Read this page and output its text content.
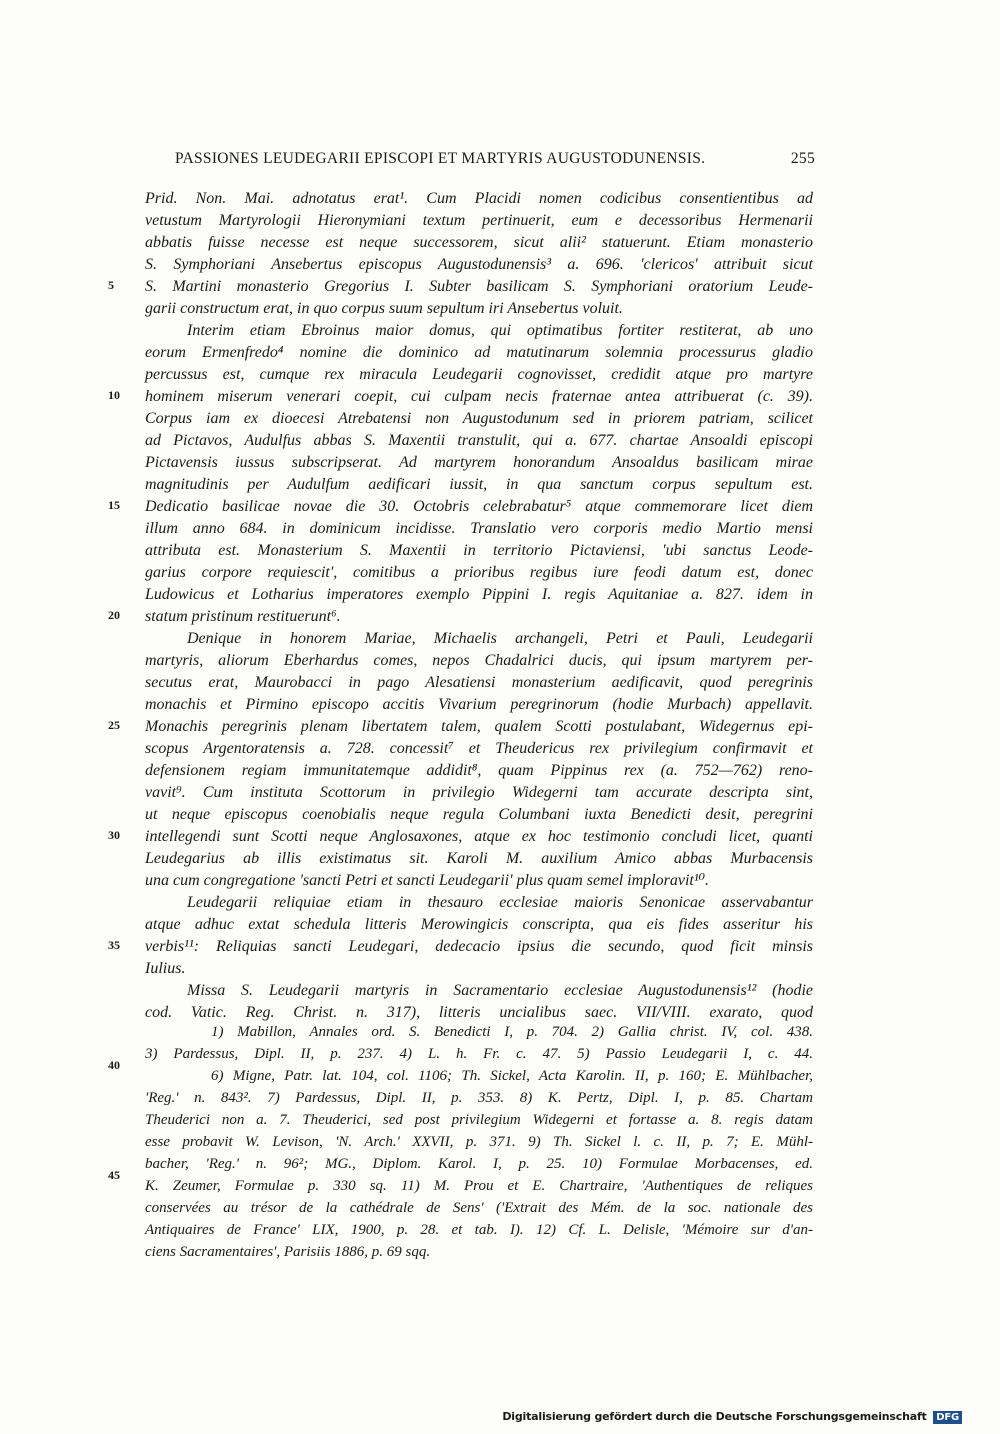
PASSIONES LEUDEGARII EPISCOPI ET MARTYRIS AUGUSTODUNENSIS.	255
Prid. Non. Mai. adnotatus erat¹. Cum Placidi nomen codicibus consentientibus ad
vetustum Martyrologii Hieronymiani textum pertinuerit, eum e decessoribus Hermenarii
abbatis fuisse necesse est neque successorem, sicut alii² statuerunt. Etiam monasterio
S. Symphoriani Ansebertus episcopus Augustodunensis³ a. 696. 'clericos' attribuit sicut
S. Martini monasterio Gregorius I. Subter basilicam S. Symphoriani oratorium Leude-
garii constructum erat, in quo corpus suum sepultum iri Ansebertus voluit.
Interim etiam Ebroinus maior domus, qui optimatibus fortiter restiterat, ab uno
eorum Ermenfredo⁴ nomine die dominico ad matutinarum solemnia processurus gladio
percussus est, cumque rex miracula Leudegarii cognovisset, credidit atque pro martyre
hominem miserum venerari coepit, cui culpam necis fraternae antea attribuerat (c. 39).
Corpus iam ex dioecesi Atrebatensi non Augustodunum sed in priorem patriam, scilicet
ad Pictavos, Audulfus abbas S. Maxentii transtulit, qui a. 677. chartae Ansoaldi episcopi
Pictavensis iussus subscripserat. Ad martyrem honorandum Ansoaldus basilicam mirae
magnitudinis per Audulfum aedificari iussit, in qua sanctum corpus sepultum est.
Dedicatio basilicae novae die 30. Octobris celebrabatur⁵ atque commemorare licet diem
illum anno 684. in dominicum incidisse. Translatio vero corporis medio Martio mensi
attributa est. Monasterium S. Maxentii in territorio Pictaviensi, 'ubi sanctus Leode-
garius corpore requiescit', comitibus a prioribus regibus iure feodi datum est, donec
Ludowicus et Lotharius imperatores exemplo Pippini I. regis Aquitaniae a. 827. idem in
statum pristinum restituerunt⁶.
Denique in honorem Mariae, Michaelis archangeli, Petri et Pauli, Leudegarii
martyris, aliorum Eberhardus comes, nepos Chadalrici ducis, qui ipsum martyrem per-
secutus erat, Maurobacci in pago Alesatiensi monasterium aedificavit, quod peregrinis
monachis et Pirmino episcopo accitis Vivarium peregrinorum (hodie Murbach) appellavit.
Monachis peregrinis plenam libertatem talem, qualem Scotti postulabant, Widegernus epi-
scopus Argentoratensis a. 728. concessit⁷ et Theudericus rex privilegium confirmavit et
defensionem regiam immunitatemque addidit⁸, quam Pippinus rex (a. 752—762) reno-
vavit⁹. Cum instituta Scottorum in privilegio Widegerni tam accurate descripta sint,
ut neque episcopus coenobialis neque regula Columbani iuxta Benedicti desit, peregrini
intellegendi sunt Scotti neque Anglosaxones, atque ex hoc testimonio concludi licet, quanti
Leudegarius ab illis existimatus sit. Karoli M. auxilium Amico abbas Murbacensis
una cum congregatione 'sancti Petri et sancti Leudegarii' plus quam semel imploravit¹⁰.
Leudegarii reliquiae etiam in thesauro ecclesiae maioris Senonicae asservabantur
atque adhuc extat schedula litteris Merowingicis conscripta, qua eis fides asseritur his
verbis¹¹: Reliquias sancti Leudegari, dedecacio ipsius die secundo, quod ficit minsis
Iulius.
Missa S. Leudegarii martyris in Sacramentario ecclesiae Augustodunensis¹² (hodie
cod. Vatic. Reg. Christ. n. 317), litteris uncialibus saec. VII/VIII. exarato, quod
1) Mabillon, Annales ord. S. Benedicti I, p. 704. 2) Gallia christ. IV, col. 438.
3) Pardessus, Dipl. II, p. 237. 4) L. h. Fr. c. 47. 5) Passio Leudegarii I, c. 44.
6) Migne, Patr. lat. 104, col. 1106; Th. Sickel, Acta Karolin. II, p. 160; E. Mühlbacher,
'Reg.' n. 843². 7) Pardessus, Dipl. II, p. 353. 8) K. Pertz, Dipl. I, p. 85. Chartam
Theuderici non a. 7. Theuderici, sed post privilegium Widegerni et fortasse a. 8. regis datam
esse probavit W. Levison, 'N. Arch.' XXVII, p. 371. 9) Th. Sickel l. c. II, p. 7; E. Mühl-
bacher, 'Reg.' n. 96²; MG., Diplom. Karol. I, p. 25. 10) Formulae Morbacenses, ed.
K. Zeumer, Formulae p. 330 sq. 11) M. Prou et E. Chartraire, 'Authentiques de reliques
conservées au trésor de la cathédrale de Sens' ('Extrait des Mém. de la soc. nationale des
Antiquaires de France' LIX, 1900, p. 28. et tab. I). 12) Cf. L. Delisle, 'Mémoire sur d'an-
ciens Sacramentaires', Parisiis 1886, p. 69 sqq.
5
10
15
20
25
30
35
40
45
Digitalisierung gefördert durch die Deutsche Forschungsgemeinschaft DFG
